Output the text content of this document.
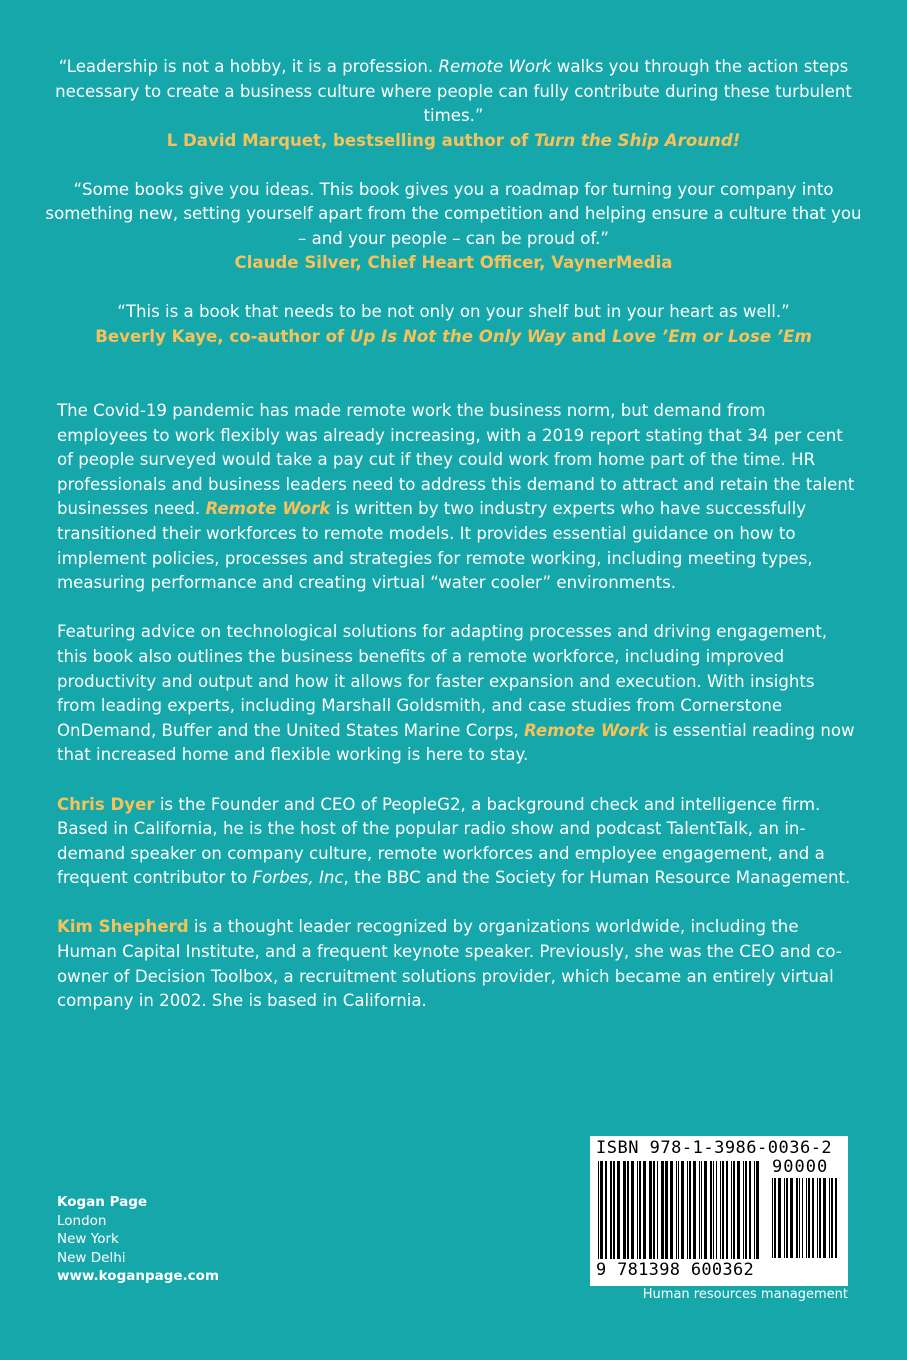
“Leadership is not a hobby, it is a profession. Remote Work walks you through the action steps necessary to create a business culture where people can fully contribute during these turbulent times.”

L David Marquet, bestselling author of Turn the Ship Around!

“Some books give you ideas. This book gives you a roadmap for turning your company into something new, setting yourself apart from the competition and helping ensure a culture that you – and your people – can be proud of.”

Claude Silver, Chief Heart Officer, VaynerMedia

“This is a book that needs to be not only on your shelf but in your heart as well.”

Beverly Kaye, co-author of Up Is Not the Only Way and Love ’Em or Lose ’Em

The Covid-19 pandemic has made remote work the business norm, but demand from employees to work flexibly was already increasing, with a 2019 report stating that 34 per cent of people surveyed would take a pay cut if they could work from home part of the time. HR professionals and business leaders need to address this demand to attract and retain the talent businesses need. Remote Work is written by two industry experts who have successfully transitioned their workforces to remote models. It provides essential guidance on how to implement policies, processes and strategies for remote working, including meeting types, measuring performance and creating virtual “water cooler” environments.

Featuring advice on technological solutions for adapting processes and driving engagement, this book also outlines the business benefits of a remote workforce, including improved productivity and output and how it allows for faster expansion and execution. With insights from leading experts, including Marshall Goldsmith, and case studies from Cornerstone OnDemand, Buffer and the United States Marine Corps, Remote Work is essential reading now that increased home and flexible working is here to stay.

Chris Dyer is the Founder and CEO of PeopleG2, a background check and intelligence firm. Based in California, he is the host of the popular radio show and podcast TalentTalk, an in-demand speaker on company culture, remote workforces and employee engagement, and a frequent contributor to Forbes, Inc, the BBC and the Society for Human Resource Management.

Kim Shepherd is a thought leader recognized by organizations worldwide, including the Human Capital Institute, and a frequent keynote speaker. Previously, she was the CEO and co-owner of Decision Toolbox, a recruitment solutions provider, which became an entirely virtual company in 2002. She is based in California.

Kogan Page
London
New York
New Delhi
www.koganpage.com
ISBN 978-1-3986-0036-2
90000
9 781398 600362
Human resources management
